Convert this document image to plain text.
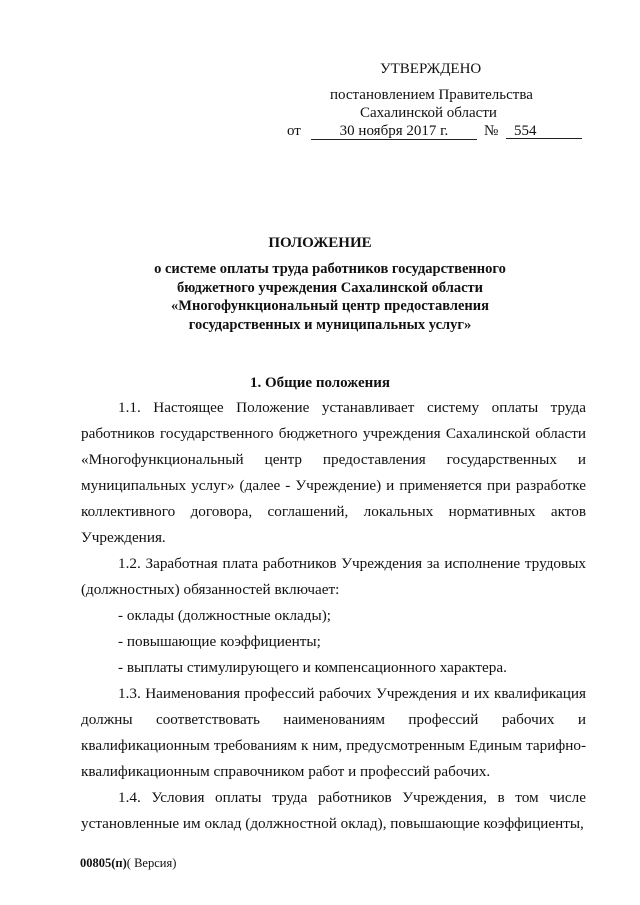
УТВЕРЖДЕНО
постановлением Правительства
Сахалинской области
от	30 ноября 2017 г.	№	554
ПОЛОЖЕНИЕ
о системе оплаты труда работников государственного бюджетного учреждения Сахалинской области «Многофункциональный центр предоставления государственных и муниципальных услуг»
1. Общие положения

1.1. Настоящее Положение устанавливает систему оплаты труда работников государственного бюджетного учреждения Сахалинской области «Многофункциональный центр предоставления государственных и муниципальных услуг» (далее - Учреждение) и применяется при разработке коллективного договора, соглашений, локальных нормативных актов Учреждения.

1.2. Заработная плата работников Учреждения за исполнение трудовых (должностных) обязанностей включает:

- оклады (должностные оклады);

- повышающие коэффициенты;

- выплаты стимулирующего и компенсационного характера.

1.3. Наименования профессий рабочих Учреждения и их квалификация должны соответствовать наименованиям профессий рабочих и квалификационным требованиям к ним, предусмотренным Единым тарифно-квалификационным справочником работ и профессий рабочих.

1.4. Условия оплаты труда работников Учреждения, в том числе установленные им оклад (должностной оклад), повышающие коэффициенты,

00805(п)( Версия)
